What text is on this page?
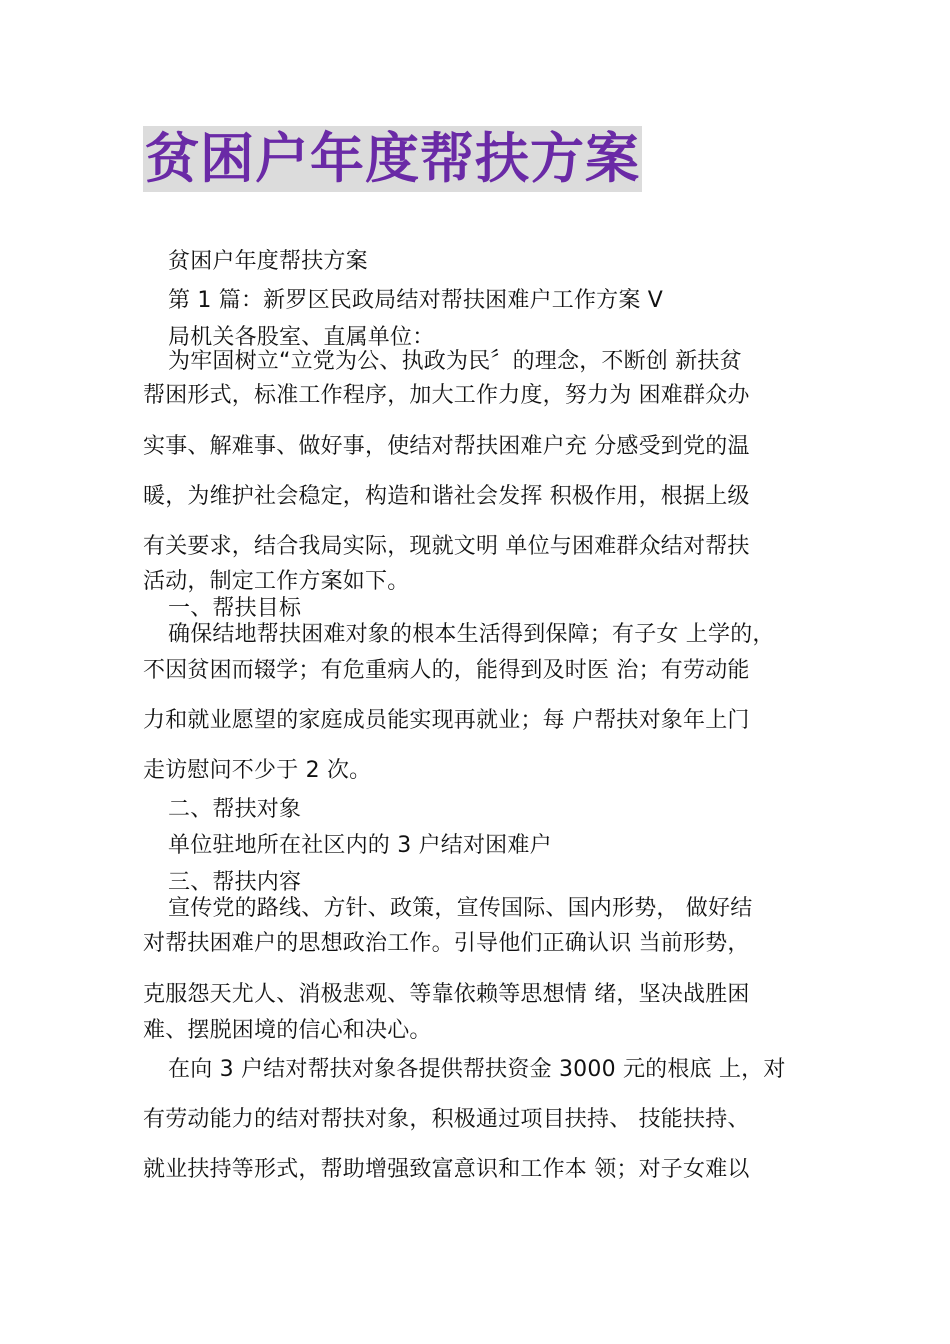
贫困户年度帮扶方案
贫困户年度帮扶方案
第 1 篇：新罗区民政局结对帮扶困难户工作方案 V
局机关各股室、直属单位：
为牢固树立“立党为公、执政为民〞的理念，不断创 新扶贫
帮困形式，标准工作程序，加大工作力度，努力为 困难群众办
实事、解难事、做好事，使结对帮扶困难户充 分感受到党的温
暖，为维护社会稳定，构造和谐社会发挥 积极作用，根据上级
有关要求，结合我局实际，现就文明 单位与困难群众结对帮扶
活动，制定工作方案如下。
一、帮扶目标
确保结地帮扶困难对象的根本生活得到保障；有子女 上学的，
不因贫困而辍学；有危重病人的，能得到及时医 治；有劳动能
力和就业愿望的家庭成员能实现再就业；每 户帮扶对象年上门
走访慰问不少于 2 次。
二、帮扶对象
单位驻地所在社区内的 3 户结对困难户
三、帮扶内容
宣传党的路线、方针、政策，宣传国际、国内形势， 做好结
对帮扶困难户的思想政治工作。引导他们正确认识 当前形势，
克服怨天尤人、消极悲观、等靠依赖等思想情 绪，坚决战胜困
难、摆脱困境的信心和决心。
在向 3 户结对帮扶对象各提供帮扶资金 3000 元的根底 上，对
有劳动能力的结对帮扶对象，积极通过项目扶持、 技能扶持、
就业扶持等形式，帮助增强致富意识和工作本 领；对子女难以
